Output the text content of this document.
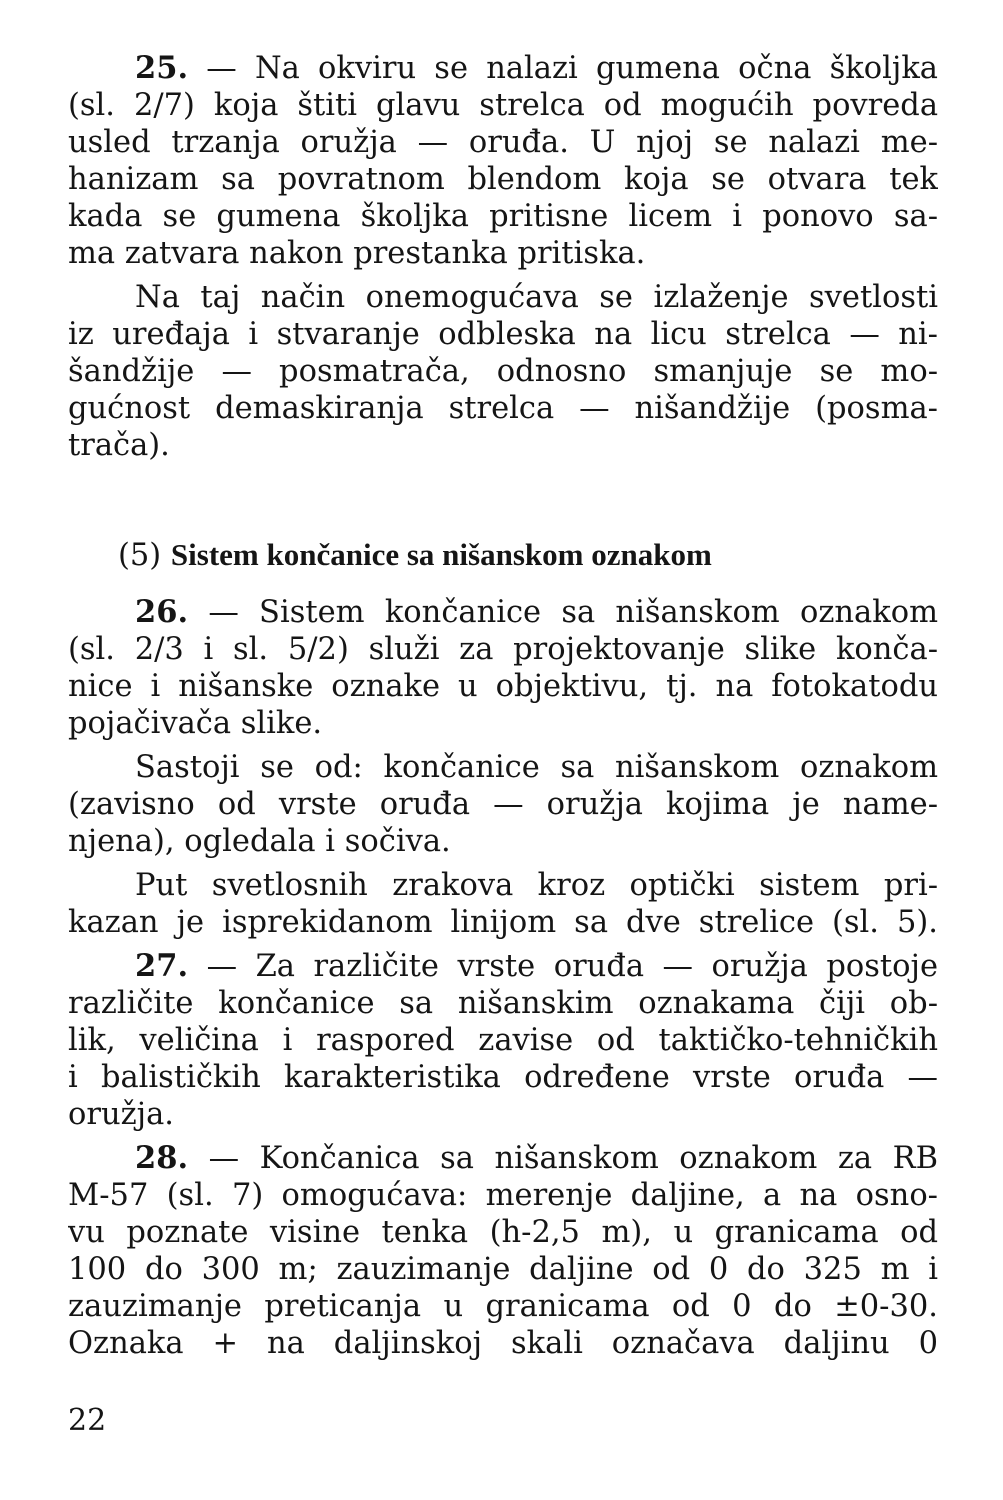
25. — Na okviru se nalazi gumena očna školjka
(sl. 2/7) koja štiti glavu strelca od mogućih povreda
usled trzanja oružja — oruđa. U njoj se nalazi me-
hanizam sa povratnom blendom koja se otvara tek
kada se gumena školjka pritisne licem i ponovo sa-
ma zatvara nakon prestanka pritiska.
Na taj način onemogućava se izlaženje svetlosti
iz uređaja i stvaranje odbleska na licu strelca — ni-
šandžije — posmatrača, odnosno smanjuje se mo-
gućnost demaskiranja strelca — nišandžije (posma-
trača).
(5) Sistem končanice sa nišanskom oznakom
26. — Sistem končanice sa nišanskom oznakom
(sl. 2/3 i sl. 5/2) služi za projektovanje slike konča-
nice i nišanske oznake u objektivu, tj. na fotokatodu
pojačivača slike.
Sastoji se od: končanice sa nišanskom oznakom
(zavisno od vrste oruđa — oružja kojima je name-
njena), ogledala i sočiva.
Put svetlosnih zrakova kroz optički sistem pri-
kazan je isprekidanom linijom sa dve strelice (sl. 5).
27. — Za različite vrste oruđa — oružja postoje
različite končanice sa nišanskim oznakama čiji ob-
lik, veličina i raspored zavise od taktičko-tehničkih
i balističkih karakteristika određene vrste oruđa —
oružja.
28. — Končanica sa nišanskom oznakom za RB
M-57 (sl. 7) omogućava: merenje daljine, a na osno-
vu poznate visine tenka (h-2,5 m), u granicama od
100 do 300 m; zauzimanje daljine od 0 do 325 m i
zauzimanje preticanja u granicama od 0 do ±0-30.
Oznaka + na daljinskoj skali označava daljinu 0
22
